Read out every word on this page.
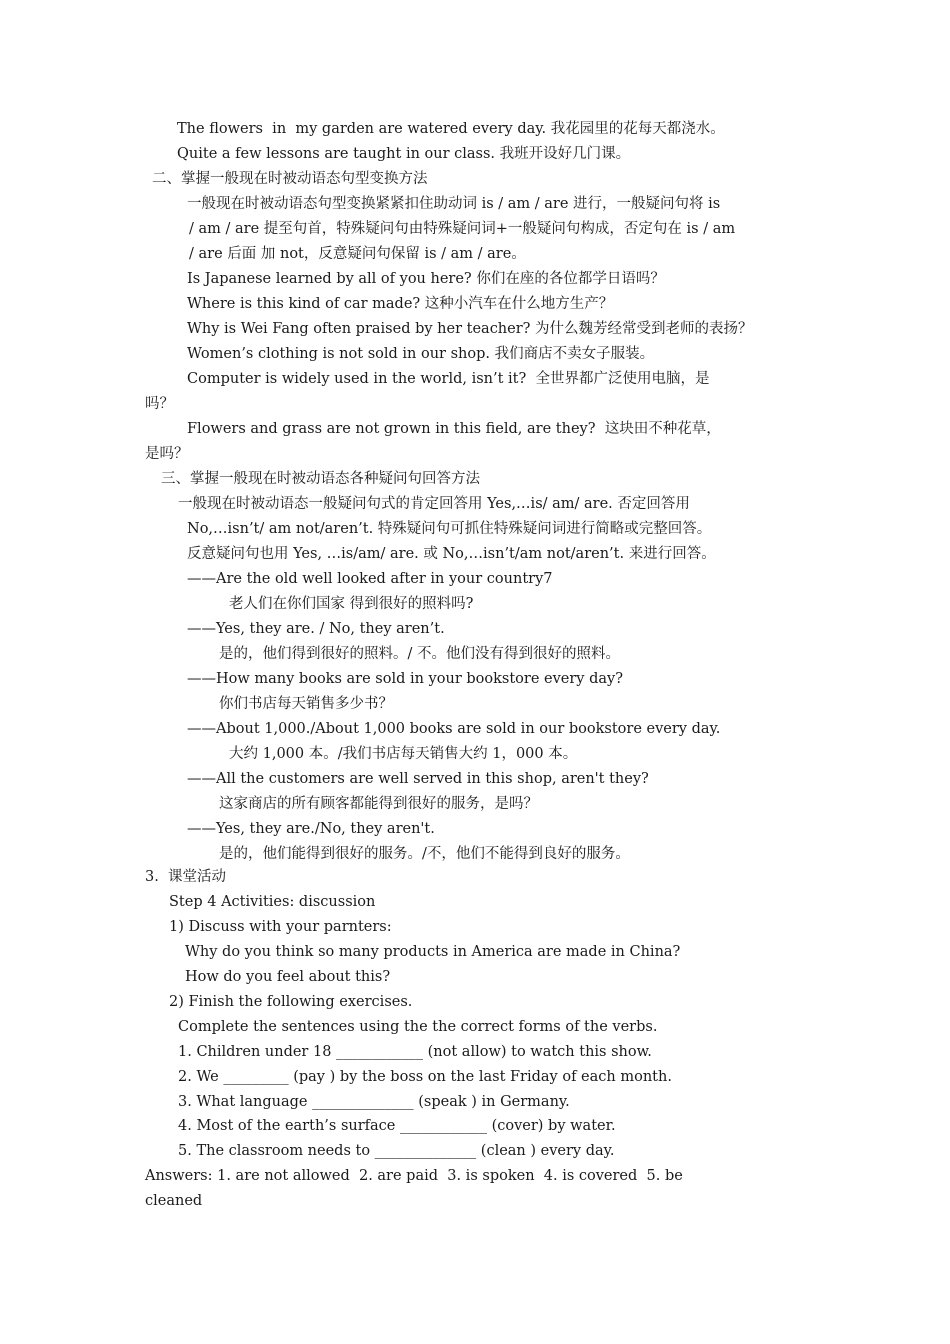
The flowers  in  my garden are watered every day. 我花园里的花每天都浇水。

Quite a few lessons are taught in our class. 我班开设好几门课。

二、掌握一般现在时被动语态句型变换方法

一般现在时被动语态句型变换紧紧扣住助动词 is / am / are 进行，一般疑问句将 is

/ am / are 提至句首，特殊疑问句由特殊疑问词+一般疑问句构成，否定句在 is / am

/ are 后面 加 not，反意疑问句保留 is / am / are。

Is Japanese learned by all of you here? 你们在座的各位都学日语吗？

Where is this kind of car made? 这种小汽车在什么地方生产？

Why is Wei Fang often praised by her teacher? 为什么魏芳经常受到老师的表扬？

Women’s clothing is not sold in our shop. 我们商店不卖女子服装。

Computer is widely used in the world, isn’t it?  全世界都广泛使用电脑，是

吗？

Flowers and grass are not grown in this field, are they?  这块田不种花草，

是吗？

三、掌握一般现在时被动语态各种疑问句回答方法

一般现在时被动语态一般疑问句式的肯定回答用 Yes,…is/ am/ are. 否定回答用

No,…isn’t/ am not/aren’t. 特殊疑问句可抓住特殊疑问词进行简略或完整回答。

反意疑问句也用 Yes, …is/am/ are. 或 No,…isn’t/am not/aren’t. 来进行回答。

——Are the old well looked after in your country7

老人们在你们国家 得到很好的照料吗?

——Yes, they are. / No, they aren’t.

是的，他们得到很好的照料。/ 不。他们没有得到很好的照料。

——How many books are sold in your bookstore every day?

你们书店每天销售多少书？

——About 1,000./About 1,000 books are sold in our bookstore every day.

大约 1,000 本。/我们书店每天销售大约 1，000 本。

——All the customers are well served in this shop, aren't they?

这家商店的所有顾客都能得到很好的服务，是吗？

——Yes, they are./No, they aren't.

是的，他们能得到很好的服务。/不，他们不能得到良好的服务。

3.  课堂活动

Step 4 Activities: discussion

1) Discuss with your parnters:

Why do you think so many products in America are made in China?

How do you feel about this?

2) Finish the following exercises.

Complete the sentences using the the correct forms of the verbs.

1. Children under 18 ____________ (not allow) to watch this show.

2. We _________ (pay ) by the boss on the last Friday of each month.

3. What language ______________ (speak ) in Germany.

4. Most of the earth’s surface ____________ (cover) by water.

5. The classroom needs to ______________ (clean ) every day.

Answers: 1. are not allowed  2. are paid  3. is spoken  4. is covered  5. be

cleaned
